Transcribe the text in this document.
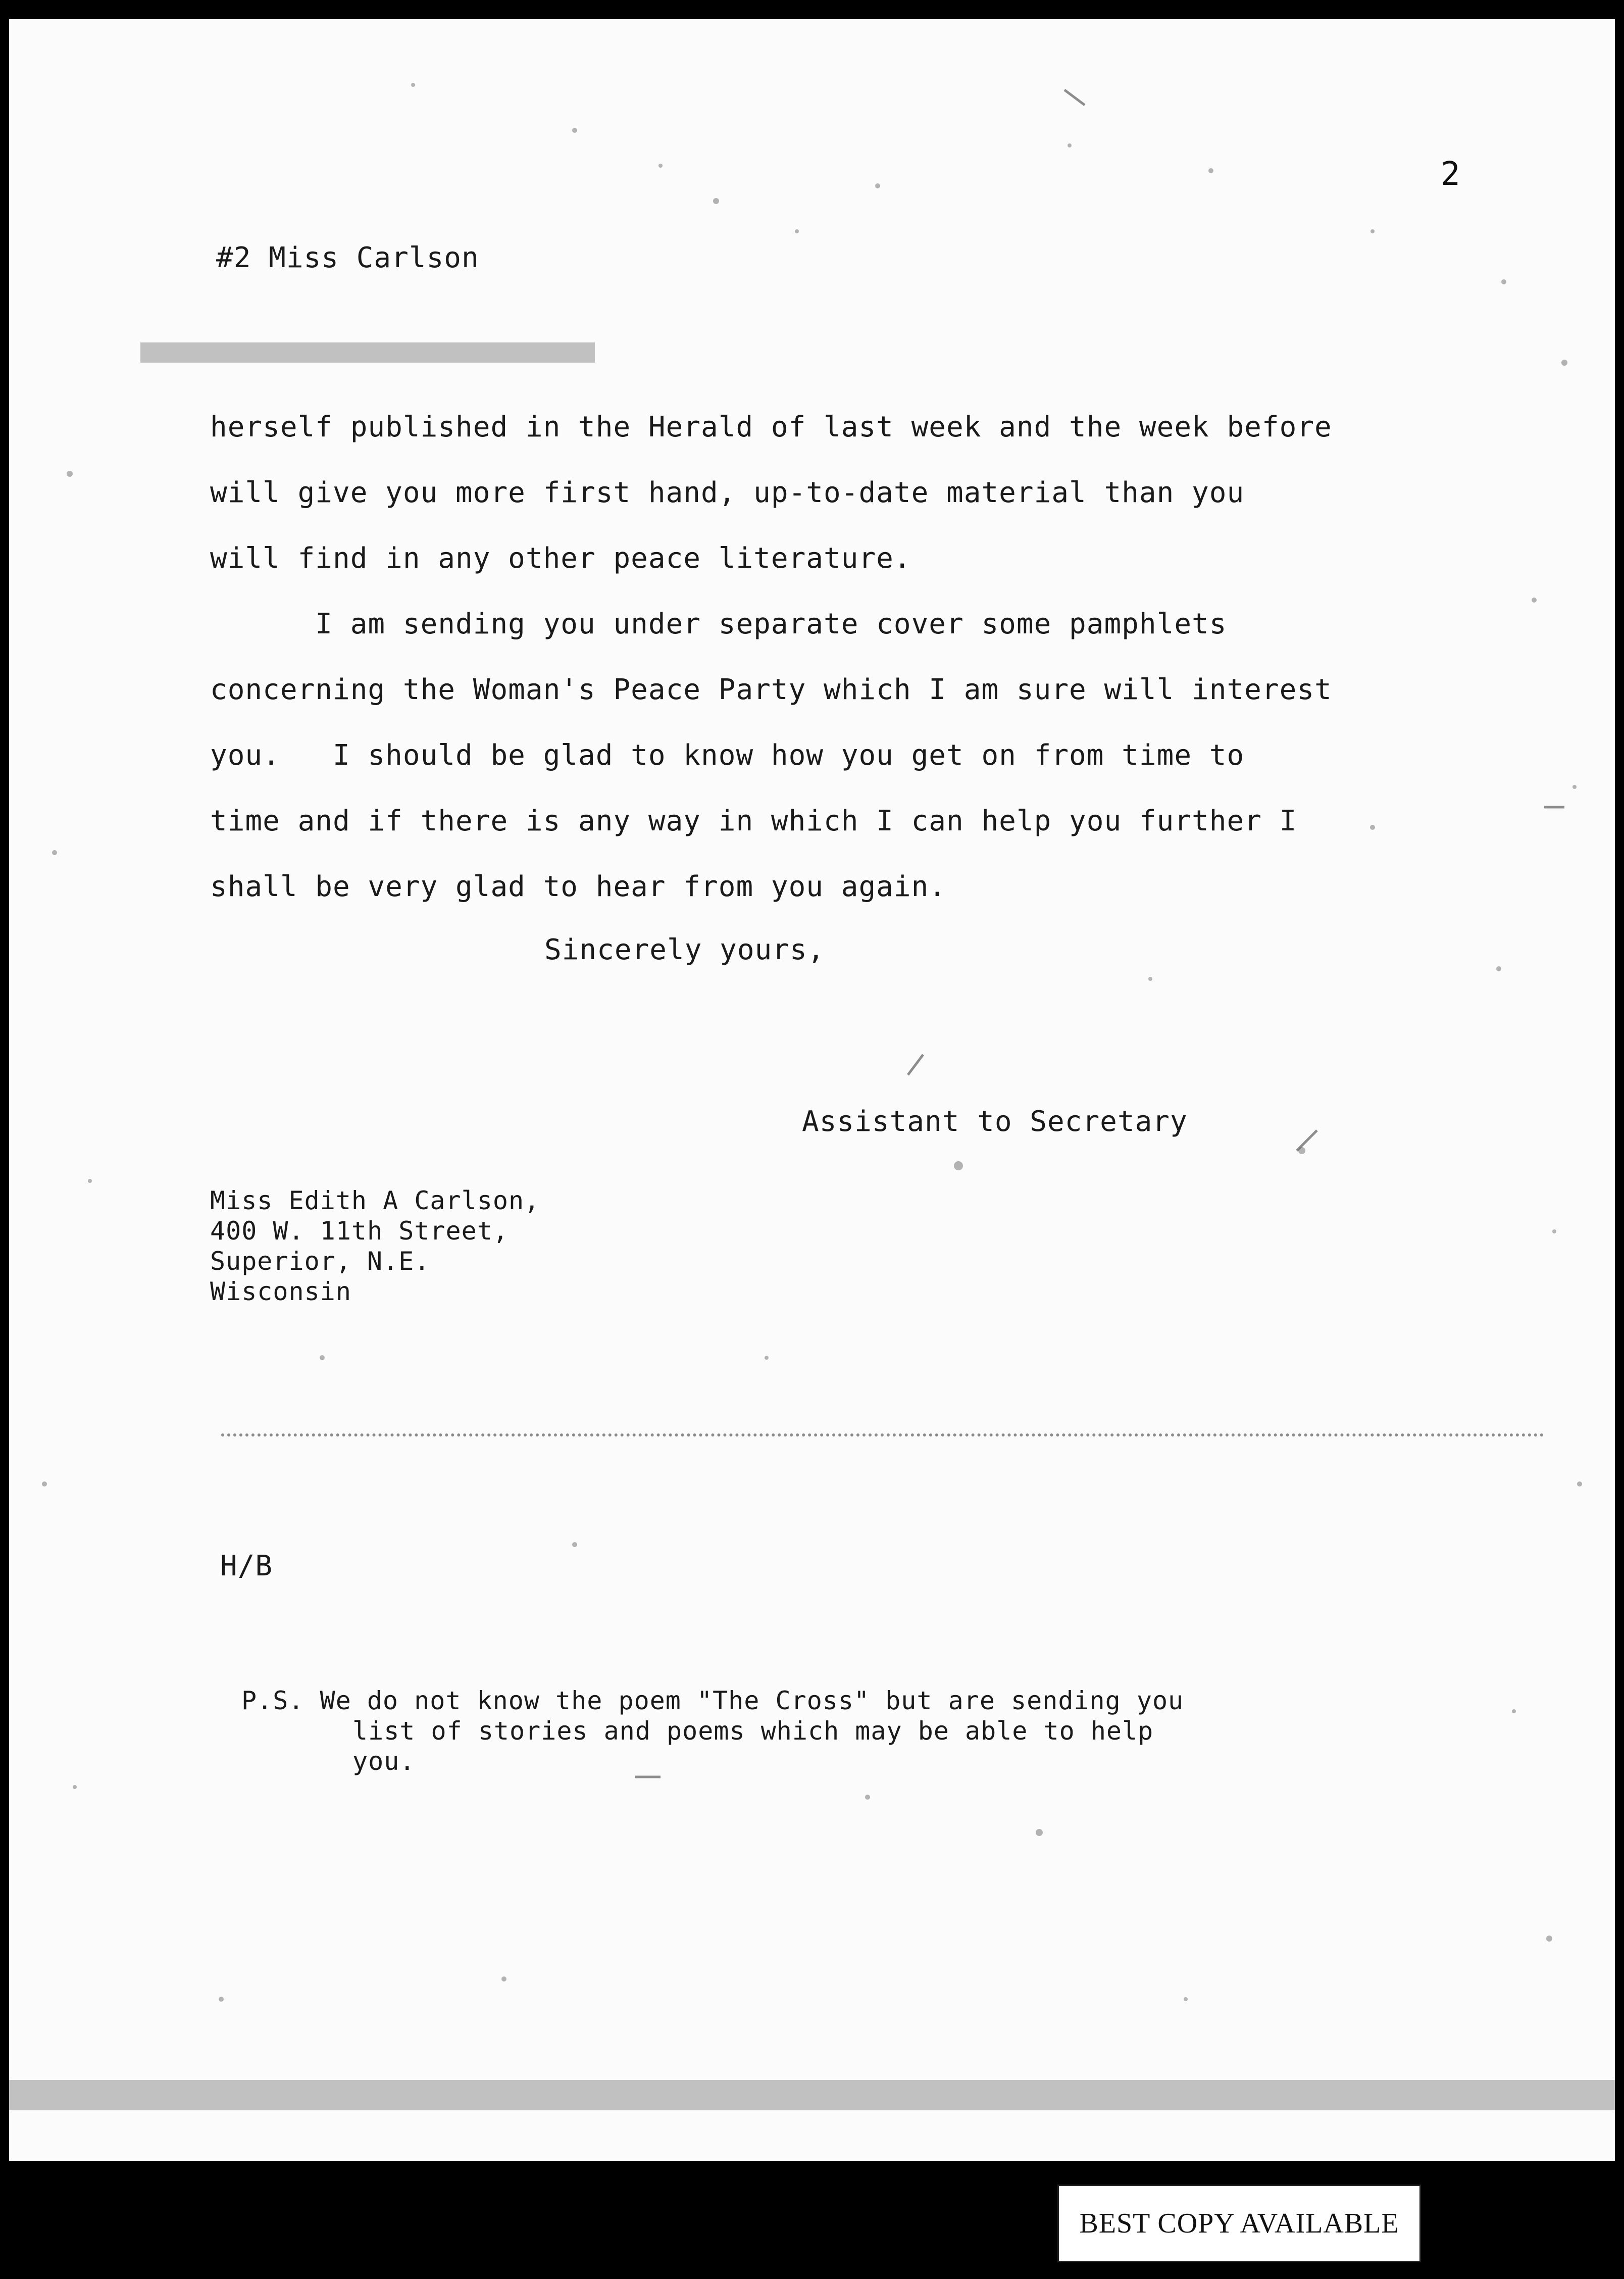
2
#2 Miss Carlson
herself published in the Herald of last week and the week before
will give you more first hand, up-to-date material than you
will find in any other peace literature.
I am sending you under separate cover some pamphlets
concerning the Woman's Peace Party which I am sure will interest
you.   I should be glad to know how you get on from time to
time and if there is any way in which I can help you further I
shall be very glad to hear from you again.
Sincerely yours,
Assistant to Secretary
Miss Edith A Carlson,
400 W. 11th Street,
Superior, N.E.
Wisconsin
H/B
P.S. We do not know the poem "The Cross" but are sending you
list of stories and poems which may be able to help
you.
BEST COPY AVAILABLE
